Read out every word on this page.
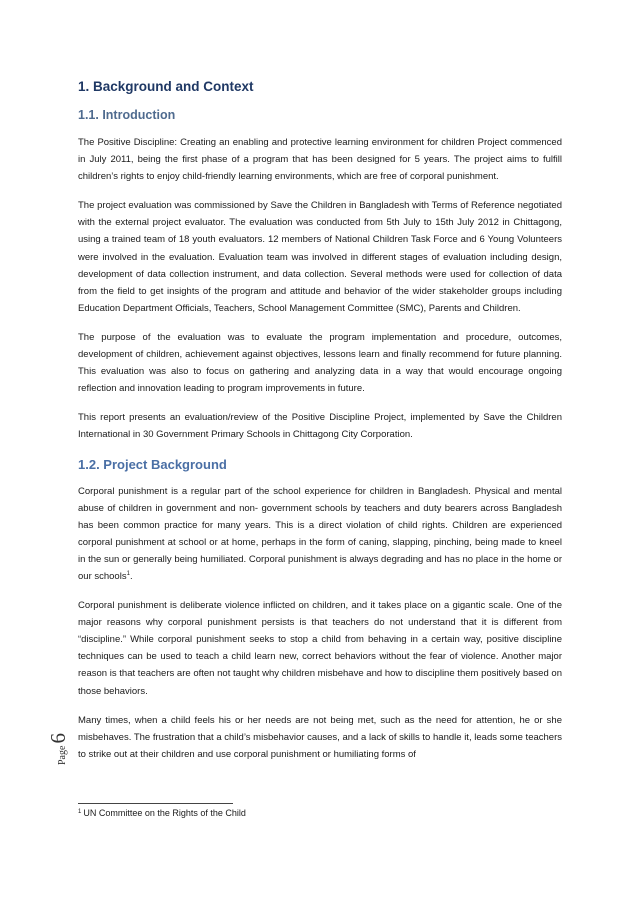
Page
6
1. Background and Context
1.1. Introduction

The Positive Discipline: Creating an enabling and protective learning environment for children Project commenced in July 2011, being the first phase of a program that has been designed for 5 years. The project aims to fulfill children’s rights to enjoy child-friendly learning environments, which are free of corporal punishment.

The project evaluation was commissioned by Save the Children in Bangladesh with Terms of Reference negotiated with the external project evaluator. The evaluation was conducted from 5th July to 15th July 2012 in Chittagong, using a trained team of 18 youth evaluators. 12 members of National Children Task Force and 6 Young Volunteers were involved in the evaluation. Evaluation team was involved in different stages of evaluation including design, development of data collection instrument, and data collection. Several methods were used for collection of data from the field to get insights of the program and attitude and behavior of the wider stakeholder groups including Education Department Officials, Teachers, School Management Committee (SMC), Parents and Children.

The purpose of the evaluation was to evaluate the program implementation and procedure, outcomes, development of children, achievement against objectives, lessons learn and finally recommend for future planning. This evaluation was also to focus on gathering and analyzing data in a way that would encourage ongoing reflection and innovation leading to program improvements in future.

This report presents an evaluation/review of the Positive Discipline Project, implemented by Save the Children International in 30 Government Primary Schools in Chittagong City Corporation.

1.2. Project Background

Corporal punishment is a regular part of the school experience for children in Bangladesh. Physical and mental abuse of children in government and non- government schools by teachers and duty bearers across Bangladesh has been common practice for many years. This is a direct violation of child rights. Children are experienced corporal punishment at school or at home, perhaps in the form of caning, slapping, pinching, being made to kneel in the sun or generally being humiliated. Corporal punishment is always degrading and has no place in the home or our schools$^1$.

Corporal punishment is deliberate violence inflicted on children, and it takes place on a gigantic scale. One of the major reasons why corporal punishment persists is that teachers do not understand that it is different from “discipline.” While corporal punishment seeks to stop a child from behaving in a certain way, positive discipline techniques can be used to teach a child learn new, correct behaviors without the fear of violence. Another major reason is that teachers are often not taught why children misbehave and how to discipline them positively based on those behaviors.

Many times, when a child feels his or her needs are not being met, such as the need for attention, he or she misbehaves. The frustration that a child’s misbehavior causes, and a lack of skills to handle it, leads some teachers to strike out at their children and use corporal punishment or humiliating forms of

1 UN Committee on the Rights of the Child
